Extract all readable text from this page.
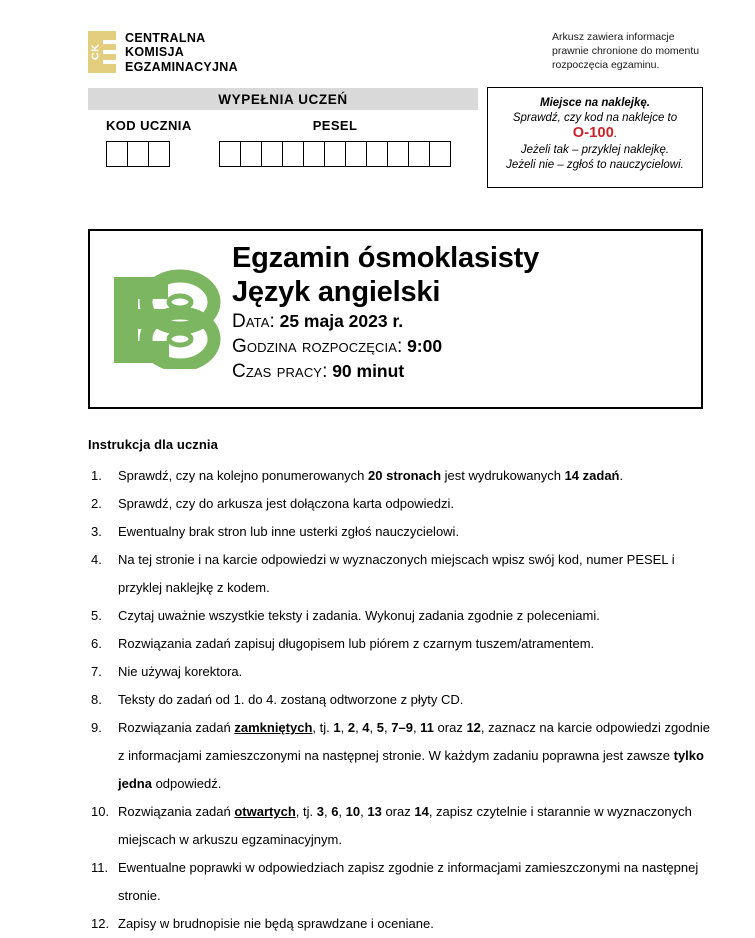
CK
CENTRALNA
KOMISJA
EGZAMINACYJNA
Arkusz zawiera informacje
prawnie chronione do momentu
rozpoczęcia egzaminu.
WYPEŁNIA UCZEŃ
KOD UCZNIA	PESEL
Miejsce na naklejkę.
Sprawdź, czy kod na naklejce to
O-100.
Jeżeli tak – przyklej naklejkę.
Jeżeli nie – zgłoś to nauczycielowi.
Egzamin ósmoklasisty
Język angielski
Data: 25 maja 2023 r.
Godzina rozpoczęcia: 9:00
Czas pracy: 90 minut
Instrukcja dla ucznia
1.	Sprawdź, czy na kolejno ponumerowanych 20 stronach jest wydrukowanych 14 zadań.
2.	Sprawdź, czy do arkusza jest dołączona karta odpowiedzi.
3.	Ewentualny brak stron lub inne usterki zgłoś nauczycielowi.
4.	Na tej stronie i na karcie odpowiedzi w wyznaczonych miejscach wpisz swój kod, numer PESEL i przyklej naklejkę z kodem.
5.	Czytaj uważnie wszystkie teksty i zadania. Wykonuj zadania zgodnie z poleceniami.
6.	Rozwiązania zadań zapisuj długopisem lub piórem z czarnym tuszem/atramentem.
7.	Nie używaj korektora.
8.	Teksty do zadań od 1. do 4. zostaną odtworzone z płyty CD.
9.	Rozwiązania zadań zamkniętych, tj. 1, 2, 4, 5, 7–9, 11 oraz 12, zaznacz na karcie odpowiedzi zgodnie z informacjami zamieszczonymi na następnej stronie. W każdym zadaniu poprawna jest zawsze tylko jedna odpowiedź.
10. Rozwiązania zadań otwartych, tj. 3, 6, 10, 13 oraz 14, zapisz czytelnie i starannie w wyznaczonych miejscach w arkuszu egzaminacyjnym.
11. Ewentualne poprawki w odpowiedziach zapisz zgodnie z informacjami zamieszczonymi na następnej stronie.
12. Zapisy w brudnopisie nie będą sprawdzane i oceniane.
